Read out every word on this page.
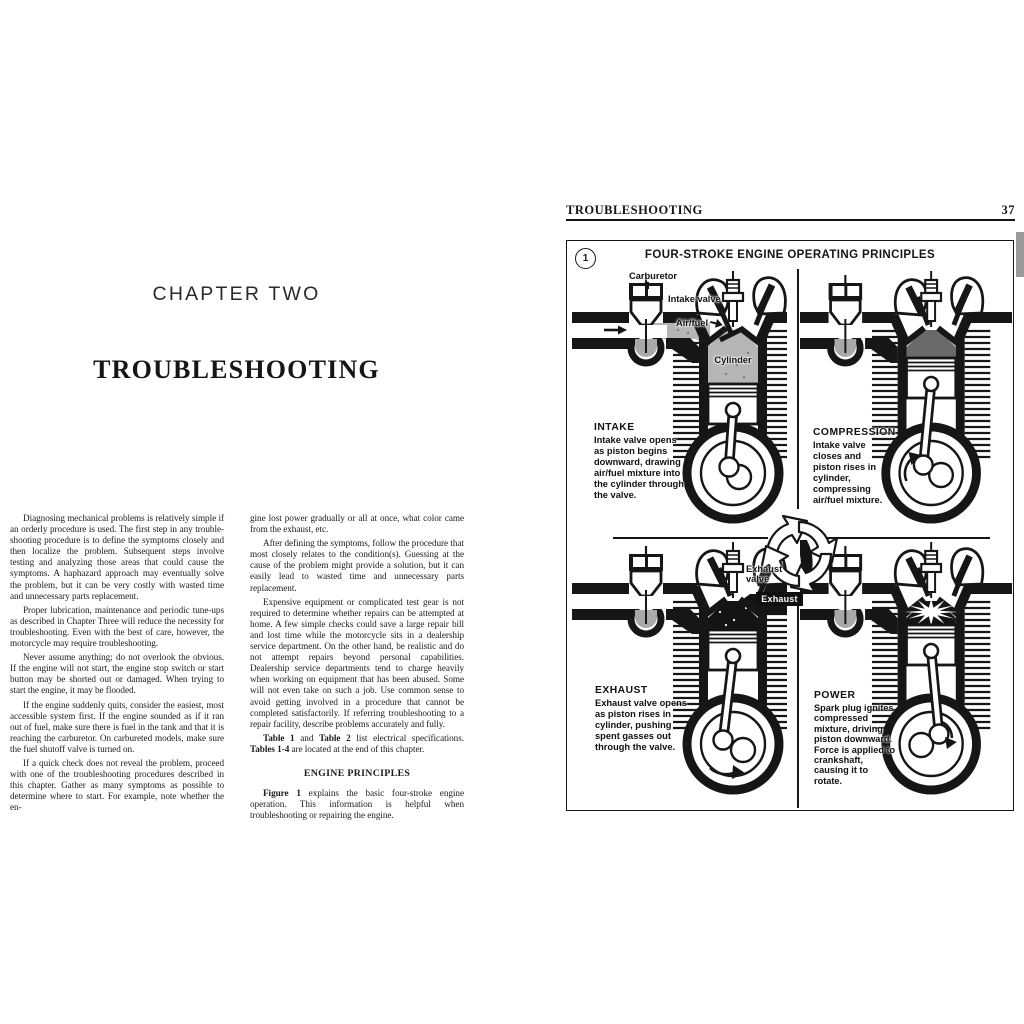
CHAPTER TWO
TROUBLESHOOTING

Diagnosing mechanical problems is relatively simple if an orderly procedure is used. The first step in any trouble-shooting procedure is to define the symptoms closely and then localize the problem. Subsequent steps involve testing and analyzing those areas that could cause the symptoms. A haphazard approach may eventually solve the problem, but it can be very costly with wasted time and unnecessary parts replacement.

Proper lubrication, maintenance and periodic tune-ups as described in Chapter Three will reduce the necessity for troubleshooting. Even with the best of care, however, the motorcycle may require troubleshooting.

Never assume anything; do not overlook the obvious. If the engine will not start, the engine stop switch or start button may be shorted out or damaged. When trying to start the engine, it may be flooded.

If the engine suddenly quits, consider the easiest, most accessible system first. If the engine sounded as if it ran out of fuel, make sure there is fuel in the tank and that it is reaching the carburetor. On carbureted models, make sure the fuel shutoff valve is turned on.

If a quick check does not reveal the problem, proceed with one of the troubleshooting procedures described in this chapter. Gather as many symptoms as possible to determine where to start. For example, note whether the en-

gine lost power gradually or all at once, what color came from the exhaust, etc.

After defining the symptoms, follow the procedure that most closely relates to the condition(s). Guessing at the cause of the problem might provide a solution, but it can easily lead to wasted time and unnecessary parts replacement.

Expensive equipment or complicated test gear is not required to determine whether repairs can be attempted at home. A few simple checks could save a large repair bill and lost time while the motorcycle sits in a dealership service department. On the other hand, be realistic and do not attempt repairs beyond personal capabilities. Dealership service departments tend to charge heavily when working on equipment that has been abused. Some will not even take on such a job. Use common sense to avoid getting involved in a procedure that cannot be completed satisfactorily. If referring troubleshooting to a repair facility, describe problems accurately and fully.

Table 1 and Table 2 list electrical specifications. Tables 1-4 are located at the end of this chapter.

ENGINE PRINCIPLES

Figure 1 explains the basic four-stroke engine operation. This information is helpful when troubleshooting or repairing the engine.

TROUBLESHOOTING	37
1	FOUR-STROKE ENGINE OPERATING PRINCIPLES
INTAKE
Intake valve opens as piston begins downward, drawing air/fuel mixture into the cylinder through the valve.
COMPRESSION
Intake valve closes and piston rises in cylinder, compressing air/fuel mixture.
EXHAUST
Exhaust valve opens as piston rises in cylinder, pushing spent gasses out through the valve.
POWER
Spark plug ignites compressed mixture, driving piston downward. Force is applied to crankshaft, causing it to rotate.
Carburetor
Intake valve
Air/fuel
Cylinder
Exhaust valve
Exhaust
